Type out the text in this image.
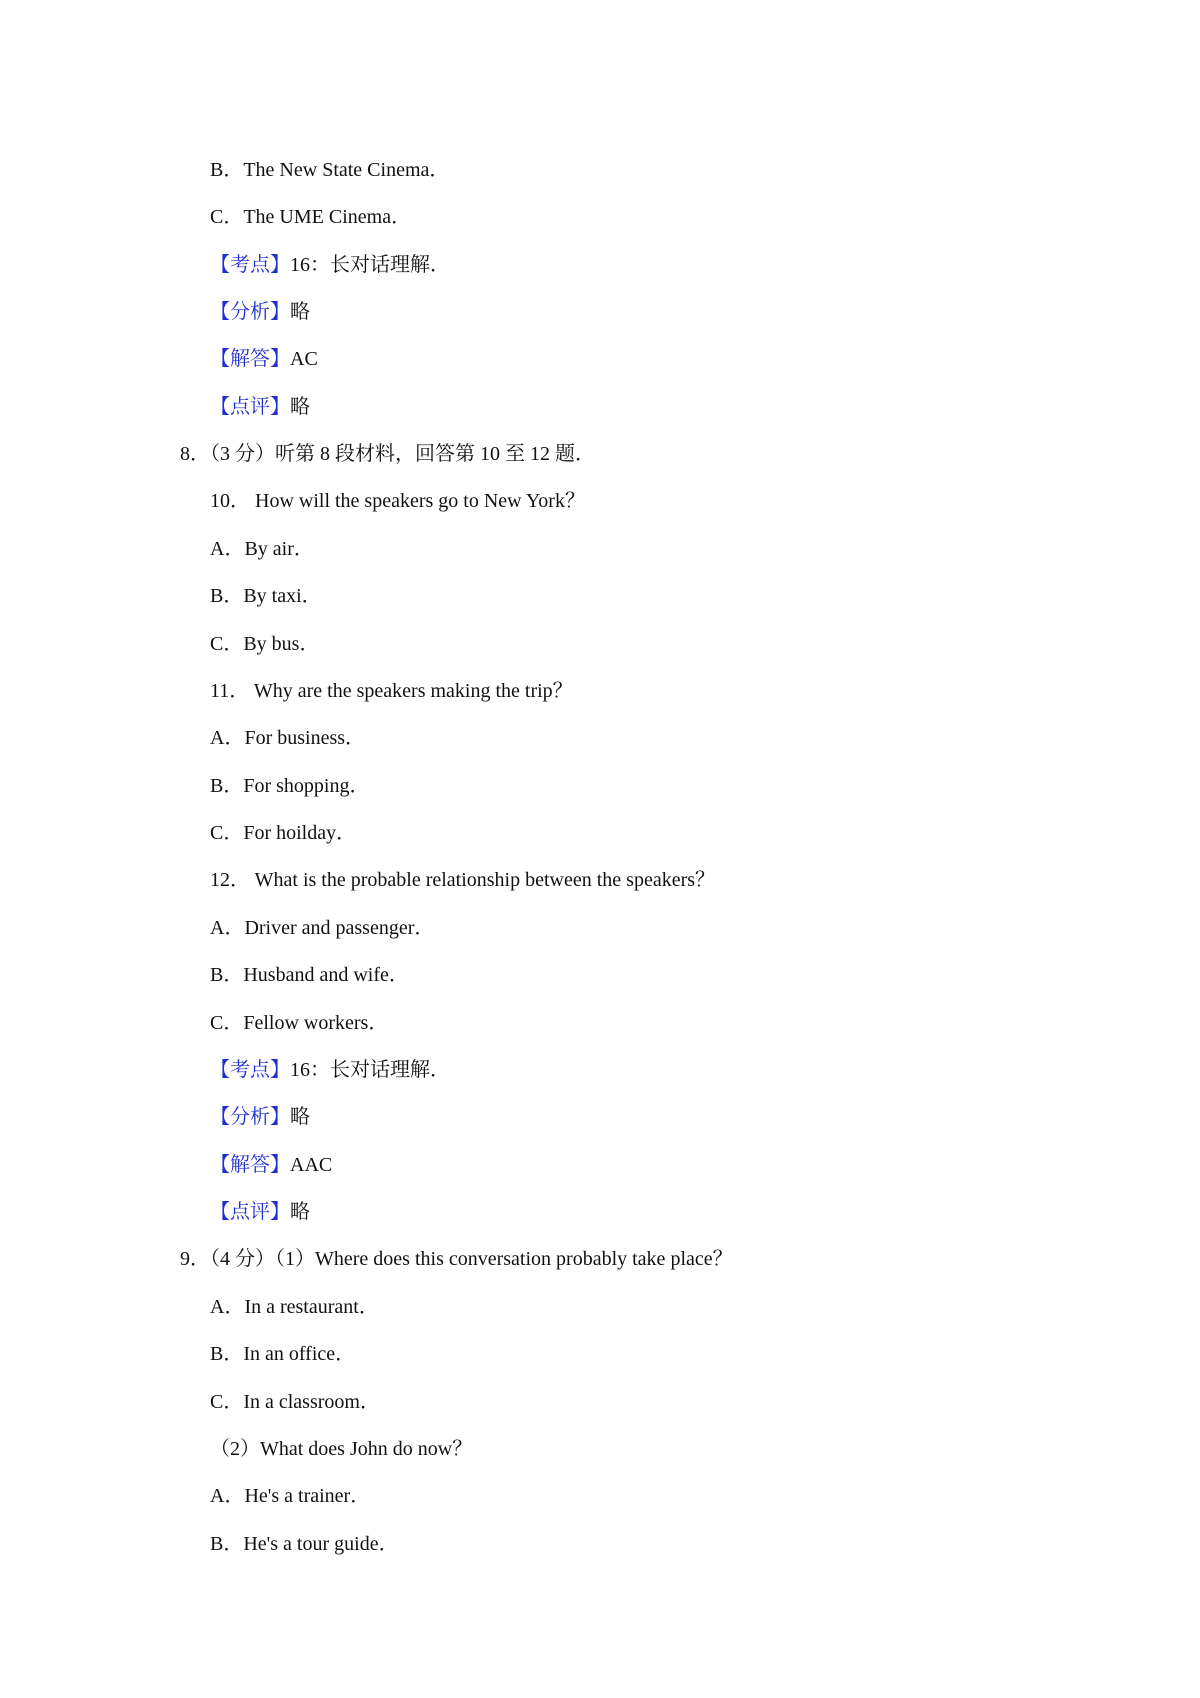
B．The New State Cinema．
C．The UME Cinema．
【考点】16：长对话理解．
【分析】略
【解答】AC
【点评】略
8．（3 分）听第 8 段材料，回答第 10 至 12 题．
10． How will the speakers go to New York？
A．By air．
B．By taxi．
C．By bus．
11． Why are the speakers making the trip？
A．For business．
B．For shopping．
C．For hoilday．
12． What is the probable relationship between the speakers？
A．Driver and passenger．
B．Husband and wife．
C．Fellow workers．
【考点】16：长对话理解．
【分析】略
【解答】AAC
【点评】略
9．（4 分）（1）Where does this conversation probably take place？
A．In a restaurant．
B．In an office．
C．In a classroom．
（2）What does John do now？
A．He's a trainer．
B．He's a tour guide．
